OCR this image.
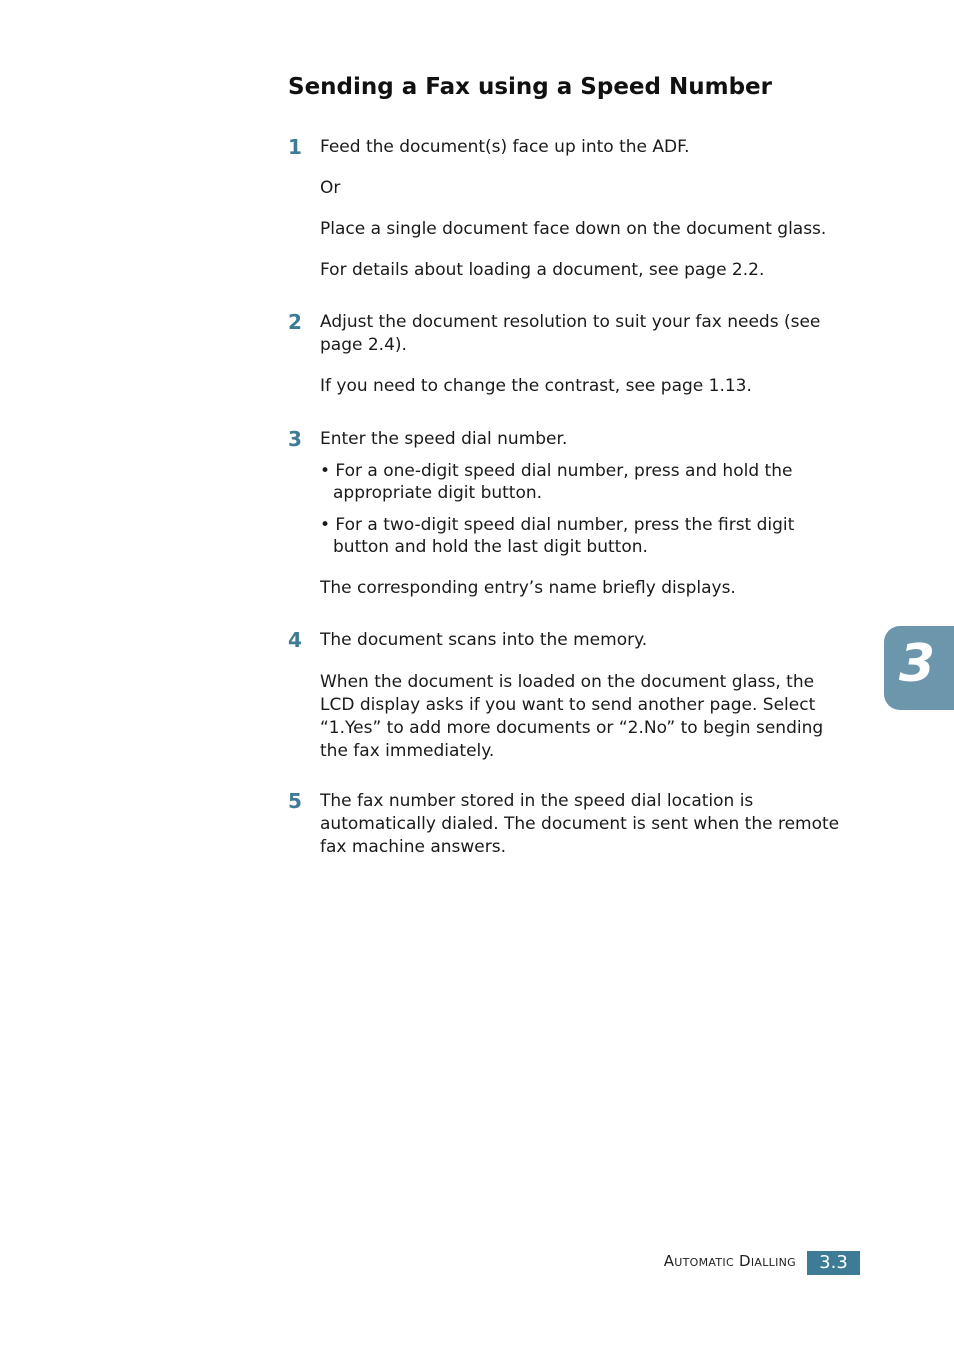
Sending a Fax using a Speed Number
1 Feed the document(s) face up into the ADF.

Or

Place a single document face down on the document glass.

For details about loading a document, see page 2.2.

2 Adjust the document resolution to suit your fax needs (see page 2.4).

If you need to change the contrast, see page 1.13.

3 Enter the speed dial number.

• For a one-digit speed dial number, press and hold the appropriate digit button.

• For a two-digit speed dial number, press the first digit button and hold the last digit button.

The corresponding entry’s name briefly displays.

4 The document scans into the memory.

When the document is loaded on the document glass, the LCD display asks if you want to send another page. Select “1.Yes” to add more documents or “2.No” to begin sending the fax immediately.

5 The fax number stored in the speed dial location is automatically dialed. The document is sent when the remote fax machine answers.

3
Automatic Dialling	3.3
